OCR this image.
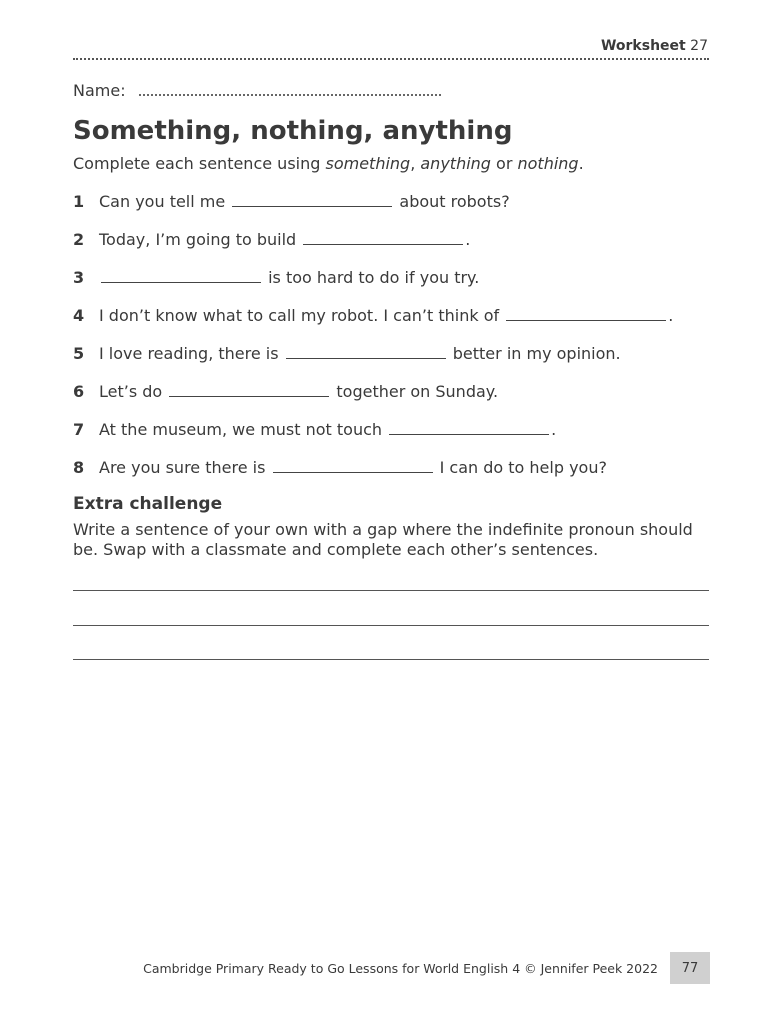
Worksheet 27
Name:
Something, nothing, anything
Complete each sentence using something, anything or nothing.
1 Can you tell me	about robots?
2 Today, I’m going to build	.
3	is too hard to do if you try.
4 I don’t know what to call my robot. I can’t think of	.
5 I love reading, there is	better in my opinion.
6 Let’s do	together on Sunday.
7 At the museum, we must not touch	.
8 Are you sure there is	I can do to help you?
Extra challenge
Write a sentence of your own with a gap where the indefinite pronoun should be. Swap with a classmate and complete each other’s sentences.
Cambridge Primary Ready to Go Lessons for World English 4 © Jennifer Peek 2022 77
